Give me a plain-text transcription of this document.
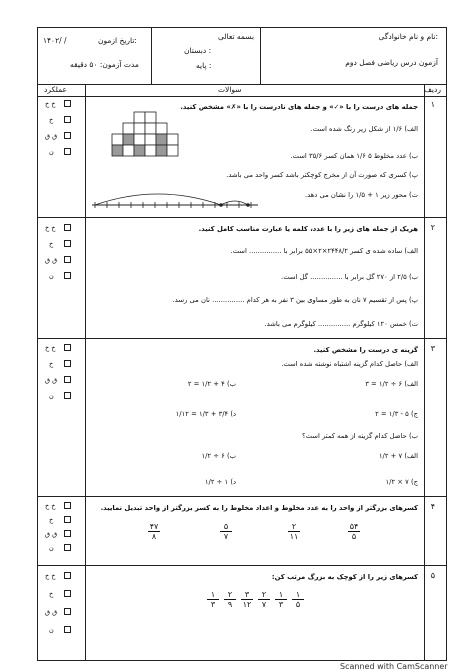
نام و نام خانوادگی:
آزمون درس ریاضی فصل دوم
بسمه تعالی
دبستان :
پایه :
تاریخ ازمون:
۱۴۰۲/ /
مدت آزمون: ۵۰ دقیقه
ردیف
سوالات
عملکرد
۱
جمله های درست را با «✓» و جمله های نادرست را با «✗» مشخص کنید.
الف) ۱/۶ از شکل زیر رنگ شده است.
ب) عدد مخلوط ۵ ۱/۶ همان کسر ۳۵/۶ است.
پ) کسری که صورت آن از مخرج کوچکتر باشد کسر واحد می باشد.
ت) محور زیر ۱ + ۱/۵ را نشان می دهد.
۲
هریک از جمله های زیر را با عدد، کلمه یا عبارت مناسب کامل کنید.
الف) ساده شده ی کسر ۲۴۴۸/۲×۲×۵۵ برابر با ............... است.
ب) ۲/۵ از ۲۷۰ گل برابر با ............... گل است.
پ) پس از تقسیم ۷ نان به طور مساوی بین ۳ نفر به هر کدام ............... نان می رسد.
ت) خمس ۱۲۰ کیلوگرم ............... کیلوگرم می باشد.
۳
گزینه ی درست را مشخص کنید.
الف) حاصل کدام گزینه اشتباه نوشته شده است.
الف) ۶ ÷ ۱/۲ = ۳
ب) ۴ + ۱/۲ = ۲
ج) ۵ - ۱/۳ = ۲
د) ۳/۴ + ۱/۳ = ۱/۱۲
ب) حاصل کدام گزینه از همه کمتر است؟
الف) ۷ + ۱/۲
ب) ۶ ÷ ۱/۲
ج) ۷ × ۱/۲
د) ۱ ÷ ۱/۲
۴
کسرهای بزرگتر از واحد را به عدد مخلوط و اعداد مخلوط را به کسر بزرگتر از واحد تبدیل نمایید.
۵۴
۵
۲
۱۱
۵
۷
۴۷
۸
۵
کسرهای زیر را از کوچک به بزرگ مرتب کن:
۱
۵
۱
۳
۲
۷
۳
۱۲
۲
۹
۱
۳
خ خ
خ
ق ق
ن
خ خ
خ
ق ق
ن
خ خ
خ
ق ق
ن
خ خ
خ
ق ق
ن
خ خ
خ
ق ق
ن
Scanned with CamScanner
